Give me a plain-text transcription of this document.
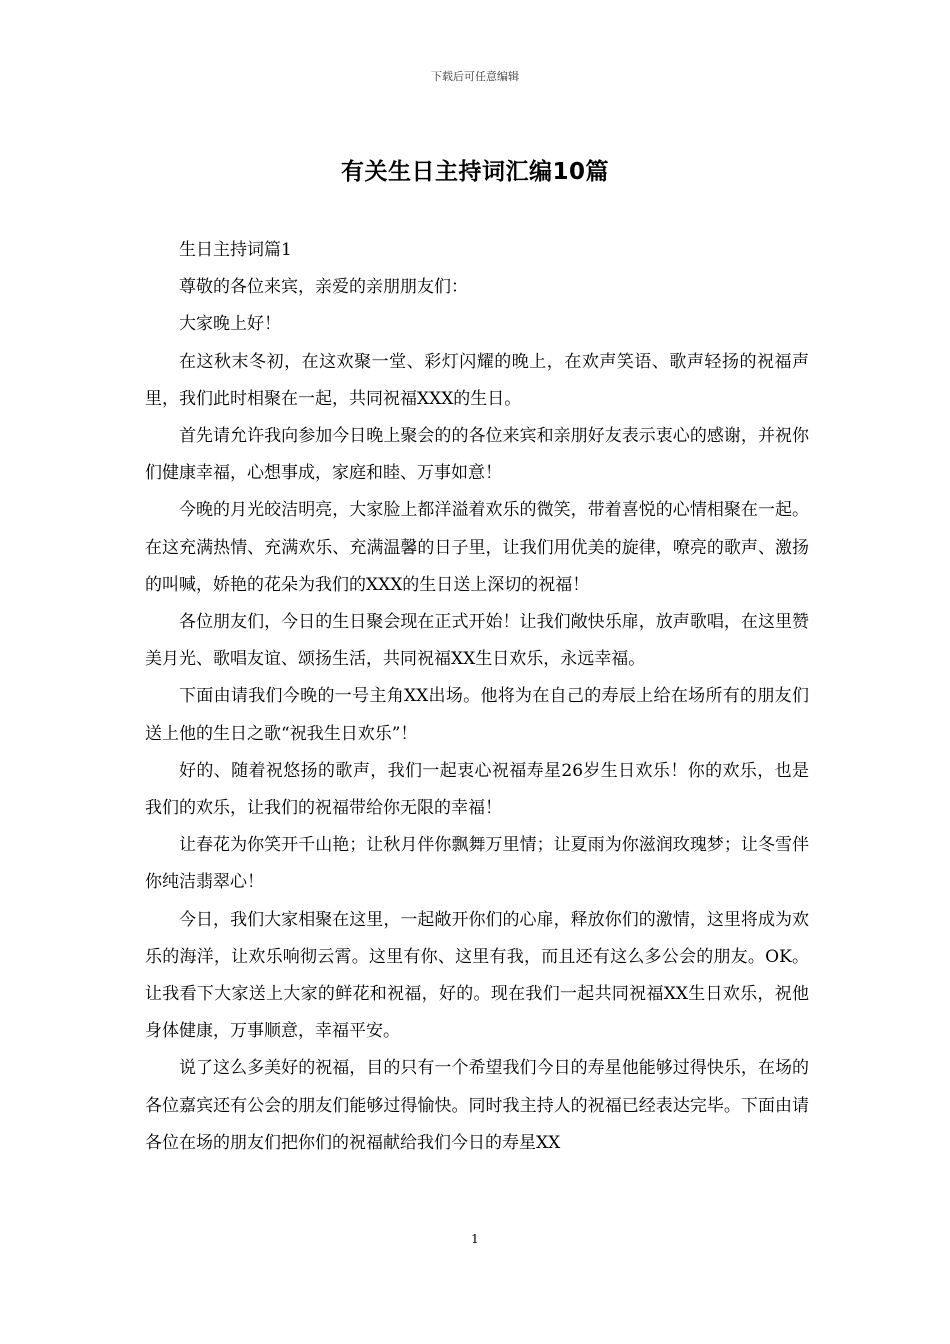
下载后可任意编辑
有关生日主持词汇编10篇

生日主持词篇1

尊敬的各位来宾，亲爱的亲朋朋友们：

大家晚上好！

在这秋末冬初，在这欢聚一堂、彩灯闪耀的晚上，在欢声笑语、歌声轻扬的祝福声里，我们此时相聚在一起，共同祝福XXX的生日。

首先请允许我向参加今日晚上聚会的的各位来宾和亲朋好友表示衷心的感谢，并祝你们健康幸福，心想事成，家庭和睦、万事如意！

今晚的月光皎洁明亮，大家脸上都洋溢着欢乐的微笑，带着喜悦的心情相聚在一起。在这充满热情、充满欢乐、充满温馨的日子里，让我们用优美的旋律，嘹亮的歌声、激扬的叫喊，娇艳的花朵为我们的XXX的生日送上深切的祝福！

各位朋友们，今日的生日聚会现在正式开始！让我们敞快乐扉，放声歌唱，在这里赞美月光、歌唱友谊、颂扬生活，共同祝福XX生日欢乐，永远幸福。

下面由请我们今晚的一号主角XX出场。他将为在自己的寿辰上给在场所有的朋友们送上他的生日之歌“祝我生日欢乐”！

好的、随着祝悠扬的歌声，我们一起衷心祝福寿星26岁生日欢乐！你的欢乐，也是我们的欢乐，让我们的祝福带给你无限的幸福！

让春花为你笑开千山艳；让秋月伴你飘舞万里情；让夏雨为你滋润玫瑰梦；让冬雪伴你纯洁翡翠心！

今日，我们大家相聚在这里，一起敞开你们的心扉，释放你们的激情，这里将成为欢乐的海洋，让欢乐响彻云霄。这里有你、这里有我，而且还有这么多公会的朋友。OK。让我看下大家送上大家的鲜花和祝福，好的。现在我们一起共同祝福XX生日欢乐，祝他身体健康，万事顺意，幸福平安。

说了这么多美好的祝福，目的只有一个希望我们今日的寿星他能够过得快乐，在场的各位嘉宾还有公会的朋友们能够过得愉快。同时我主持人的祝福已经表达完毕。下面由请各位在场的朋友们把你们的祝福献给我们今日的寿星XX

1
